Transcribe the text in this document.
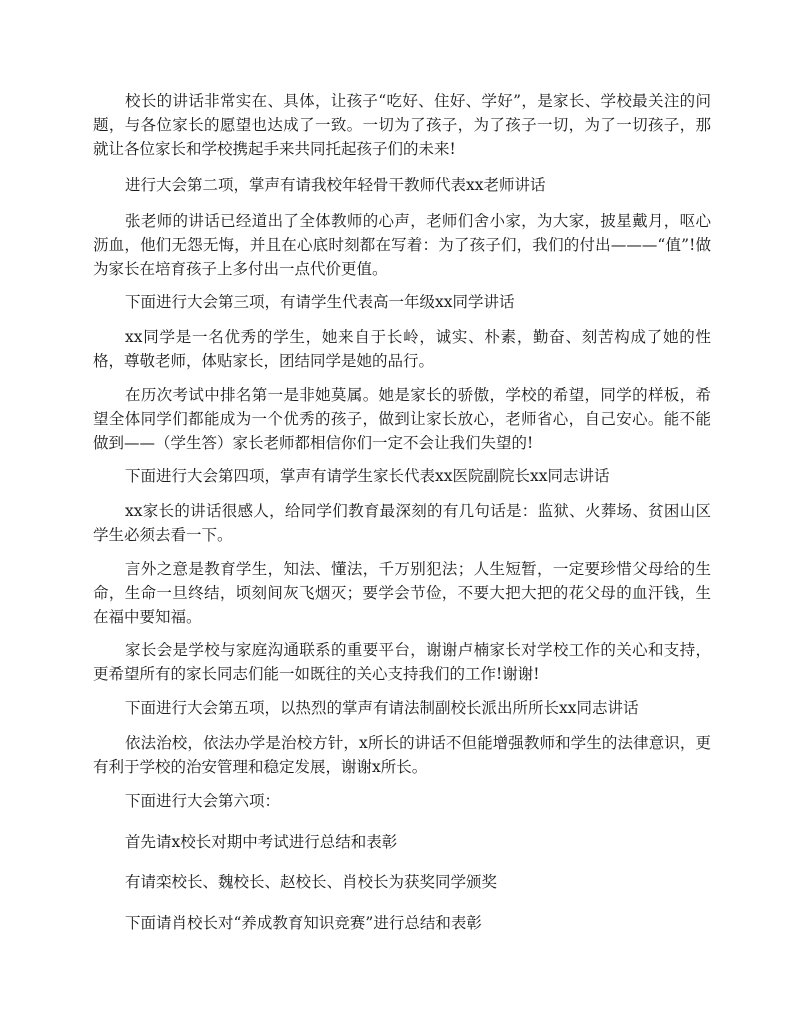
校长的讲话非常实在、具体，让孩子“吃好、住好、学好”，是家长、学校最关注的问题，与各位家长的愿望也达成了一致。一切为了孩子，为了孩子一切，为了一切孩子，那就让各位家长和学校携起手来共同托起孩子们的未来!

进行大会第二项，掌声有请我校年轻骨干教师代表xx老师讲话

张老师的讲话已经道出了全体教师的心声，老师们舍小家，为大家，披星戴月，呕心沥血，他们无怨无悔，并且在心底时刻都在写着：为了孩子们，我们的付出———“值”!做为家长在培育孩子上多付出一点代价更值。

下面进行大会第三项，有请学生代表高一年级xx同学讲话

xx同学是一名优秀的学生，她来自于长岭，诚实、朴素，勤奋、刻苦构成了她的性格，尊敬老师，体贴家长，团结同学是她的品行。

在历次考试中排名第一是非她莫属。她是家长的骄傲，学校的希望，同学的样板，希望全体同学们都能成为一个优秀的孩子，做到让家长放心，老师省心，自己安心。能不能做到——（学生答）家长老师都相信你们一定不会让我们失望的!

下面进行大会第四项，掌声有请学生家长代表xx医院副院长xx同志讲话

xx家长的讲话很感人，给同学们教育最深刻的有几句话是：监狱、火葬场、贫困山区学生必须去看一下。

言外之意是教育学生，知法、懂法，千万别犯法；人生短暂，一定要珍惜父母给的生命，生命一旦终结，顷刻间灰飞烟灭；要学会节俭，不要大把大把的花父母的血汗钱，生在福中要知福。

家长会是学校与家庭沟通联系的重要平台，谢谢卢楠家长对学校工作的关心和支持，更希望所有的家长同志们能一如既往的关心支持我们的工作!谢谢!

下面进行大会第五项，以热烈的掌声有请法制副校长派出所所长xx同志讲话

依法治校，依法办学是治校方针，x所长的讲话不但能增强教师和学生的法律意识，更有利于学校的治安管理和稳定发展，谢谢x所长。

下面进行大会第六项：

首先请x校长对期中考试进行总结和表彰

有请栾校长、魏校长、赵校长、肖校长为获奖同学颁奖

下面请肖校长对“养成教育知识竞赛”进行总结和表彰
